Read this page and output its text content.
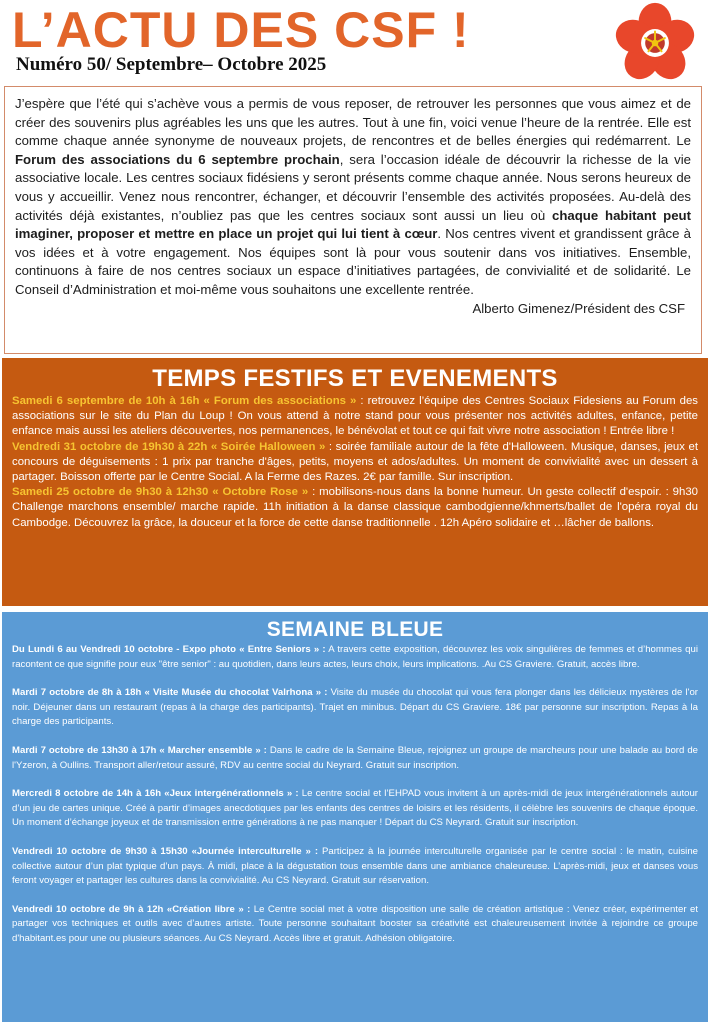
L’ACTU DES CSF !

Numéro 50/ Septembre– Octobre 2025

J’espère que l’été qui s’achève vous a permis de vous reposer, de retrouver les personnes que vous aimez et de créer des souvenirs plus agréables les uns que les autres. Tout à une fin, voici venue l’heure de la rentrée. Elle est comme chaque année synonyme de nouveaux projets, de rencontres et de belles énergies qui redémarrent. Le Forum des associations du 6 septembre prochain, sera l’occasion idéale de découvrir la richesse de la vie associative locale. Les centres sociaux fidésiens y seront présents comme chaque année. Nous serons heureux de vous y accueillir. Venez nous rencontrer, échanger, et découvrir l’ensemble des activités proposées. Au-delà des activités déjà existantes, n’oubliez pas que les centres sociaux sont aussi un lieu où chaque habitant peut imaginer, proposer et mettre en place un projet qui lui tient à cœur. Nos centres vivent et grandissent grâce à vos idées et à votre engagement. Nos équipes sont là pour vous soutenir dans vos initiatives. Ensemble, continuons à faire de nos centres sociaux un espace d’initiatives partagées, de convivialité et de solidarité. Le Conseil d’Administration et moi-même vous souhaitons une excellente rentrée.

Alberto Gimenez/Président des CSF

TEMPS FESTIFS ET EVENEMENTS

Samedi 6 septembre de 10h à 16h « Forum des associations » : retrouvez l’équipe des Centres Sociaux Fidesiens au Forum des associations sur le site du Plan du Loup ! On vous attend à notre stand pour vous présenter nos activités adultes, enfance, petite enfance mais aussi les ateliers découvertes, nos permanences, le bénévolat et tout ce qui fait vivre notre association ! Entrée libre !

Vendredi 31 octobre de 19h30 à 22h « Soirée Halloween » : soirée familiale autour de la fête d'Halloween. Musique, danses, jeux et concours de déguisements : 1 prix par tranche d'âges, petits, moyens et ados/adultes. Un moment de convivialité avec un dessert à partager. Boisson offerte par le Centre Social. A la Ferme des Razes. 2€ par famille. Sur inscription.

Samedi 25 octobre de 9h30 à 12h30 « Octobre Rose » : mobilisons-nous dans la bonne humeur. Un geste collectif d'espoir. : 9h30 Challenge marchons ensemble/ marche rapide. 11h initiation à la danse classique cambodgienne/khmerts/ballet de l'opéra royal du Cambodge. Découvrez la grâce, la douceur et la force de cette danse traditionnelle . 12h Apéro solidaire et …lâcher de ballons.

SEMAINE BLEUE

Du Lundi 6 au Vendredi 10 octobre - Expo photo « Entre Seniors » : A travers cette exposition, découvrez les voix singulières de femmes et d’hommes qui racontent ce que signifie pour eux "être senior" : au quotidien, dans leurs actes, leurs choix, leurs implications. .Au CS Graviere. Gratuit, accès libre.

Mardi 7 octobre de 8h à 18h « Visite Musée du chocolat Valrhona » : Visite du musée du chocolat qui vous fera plonger dans les délicieux mystères de l'or noir. Déjeuner dans un restaurant (repas à la charge des participants). Trajet en minibus. Départ du CS Graviere. 18€ par personne sur inscription. Repas à la charge des participants.

Mardi 7 octobre de 13h30 à 17h « Marcher ensemble » : Dans le cadre de la Semaine Bleue, rejoignez un groupe de marcheurs pour une balade au bord de l'Yzeron, à Oullins. Transport aller/retour assuré, RDV au centre social du Neyrard. Gratuit sur inscription.

Mercredi 8 octobre de 14h à 16h «Jeux intergénérationnels » : Le centre social et l’EHPAD vous invitent à un après-midi de jeux intergénérationnels autour d’un jeu de cartes unique. Créé à partir d’images anecdotiques par les enfants des centres de loisirs et les résidents, il célèbre les souvenirs de chaque époque. Un moment d’échange joyeux et de transmission entre générations à ne pas manquer ! Départ du CS Neyrard. Gratuit sur inscription.

Vendredi 10 octobre de 9h30 à 15h30 «Journée interculturelle » : Participez à la journée interculturelle organisée par le centre social : le matin, cuisine collective autour d’un plat typique d’un pays. À midi, place à la dégustation tous ensemble dans une ambiance chaleureuse. L’après-midi, jeux et danses vous feront voyager et partager les cultures dans la convivialité. Au CS Neyrard. Gratuit sur réservation.

Vendredi 10 octobre de 9h à 12h «Création libre » : Le Centre social met à votre disposition une salle de création artistique : Venez créer, expérimenter et partager vos techniques et outils avec d’autres artiste. Toute personne souhaitant booster sa créativité est chaleureusement invitée à rejoindre ce groupe d'habitant.es pour une ou plusieurs séances. Au CS Neyrard. Accès libre et gratuit. Adhésion obligatoire.
